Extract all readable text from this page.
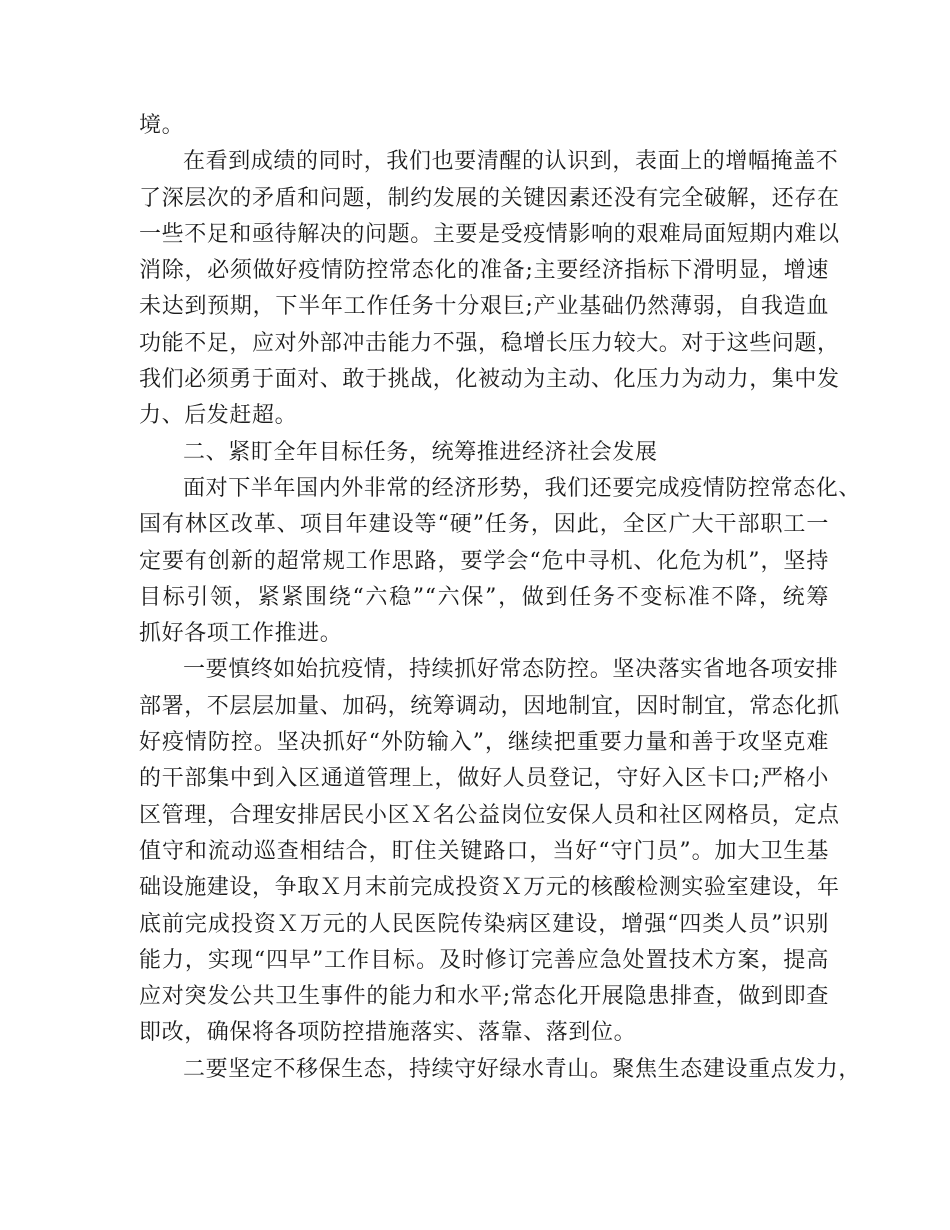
境。
在看到成绩的同时，我们也要清醒的认识到，表面上的增幅掩盖不
了深层次的矛盾和问题，制约发展的关键因素还没有完全破解，还存在
一些不足和亟待解决的问题。主要是受疫情影响的艰难局面短期内难以
消除，必须做好疫情防控常态化的准备;主要经济指标下滑明显，增速
未达到预期，下半年工作任务十分艰巨;产业基础仍然薄弱，自我造血
功能不足，应对外部冲击能力不强，稳增长压力较大。对于这些问题，
我们必须勇于面对、敢于挑战，化被动为主动、化压力为动力，集中发
力、后发赶超。
二、紧盯全年目标任务，统筹推进经济社会发展
面对下半年国内外非常的经济形势，我们还要完成疫情防控常态化、
国有林区改革、项目年建设等“硬”任务，因此，全区广大干部职工一
定要有创新的超常规工作思路，要学会“危中寻机、化危为机”，坚持
目标引领，紧紧围绕“六稳”“六保”，做到任务不变标准不降，统筹
抓好各项工作推进。
一要慎终如始抗疫情，持续抓好常态防控。坚决落实省地各项安排
部署，不层层加量、加码，统筹调动，因地制宜，因时制宜，常态化抓
好疫情防控。坚决抓好“外防输入”，继续把重要力量和善于攻坚克难
的干部集中到入区通道管理上，做好人员登记，守好入区卡口;严格小
区管理，合理安排居民小区Ｘ名公益岗位安保人员和社区网格员，定点
值守和流动巡查相结合，盯住关键路口，当好“守门员”。加大卫生基
础设施建设，争取Ｘ月末前完成投资Ｘ万元的核酸检测实验室建设，年
底前完成投资Ｘ万元的人民医院传染病区建设，增强“四类人员”识别
能力，实现“四早”工作目标。及时修订完善应急处置技术方案，提高
应对突发公共卫生事件的能力和水平;常态化开展隐患排查，做到即查
即改，确保将各项防控措施落实、落靠、落到位。
二要坚定不移保生态，持续守好绿水青山。聚焦生态建设重点发力，
